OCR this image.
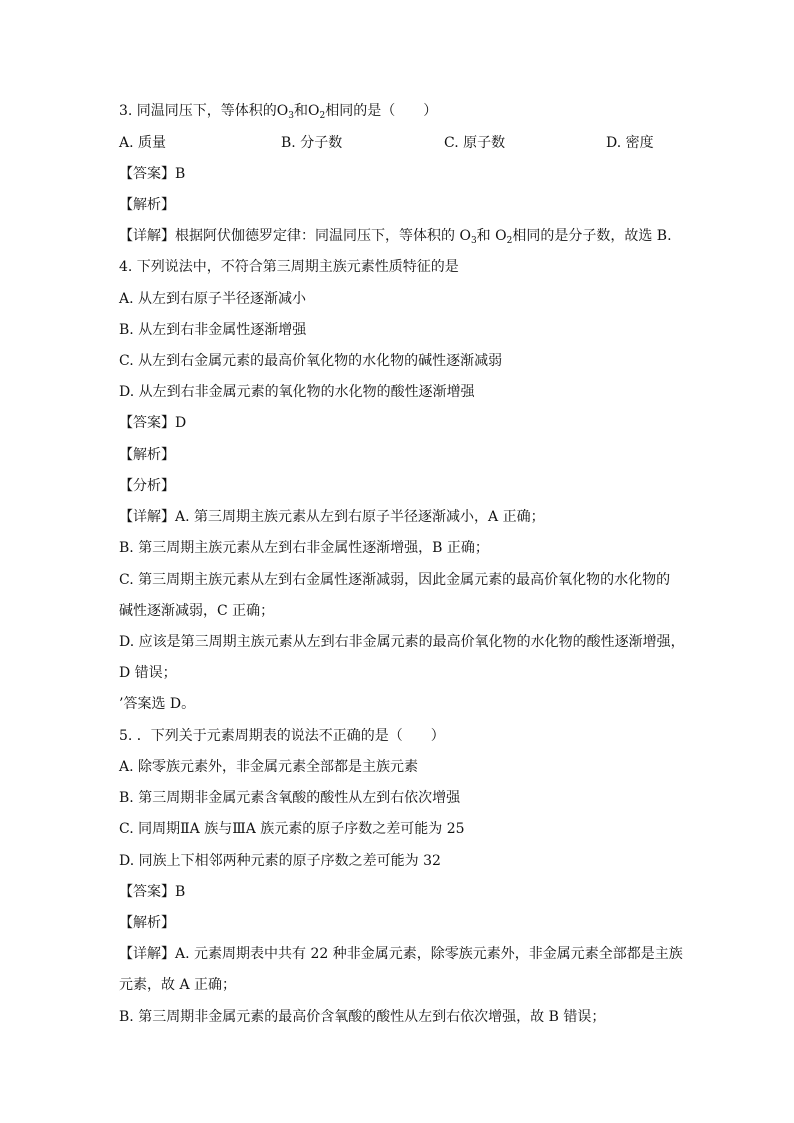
3. 同温同压下，等体积的$O_3$和$O_2$相同的是（　　）
A. 质量	B. 分子数	C. 原子数	D. 密度
【答案】B
【解析】
【详解】根据阿伏伽德罗定律：同温同压下，等体积的 $O_3$和 $O_2$相同的是分子数，故选 B.
4. 下列说法中，不符合第三周期主族元素性质特征的是
A. 从左到右原子半径逐渐减小
B. 从左到右非金属性逐渐增强
C. 从左到右金属元素的最高价氧化物的水化物的碱性逐渐减弱
D. 从左到右非金属元素的氧化物的水化物的酸性逐渐增强
【答案】D
【解析】
【分析】
【详解】A. 第三周期主族元素从左到右原子半径逐渐减小，A 正确；
B. 第三周期主族元素从左到右非金属性逐渐增强，B 正确；
C. 第三周期主族元素从左到右金属性逐渐减弱，因此金属元素的最高价氧化物的水化物的
碱性逐渐减弱，C 正确；
D. 应该是第三周期主族元素从左到右非金属元素的最高价氧化物的水化物的酸性逐渐增强，
D 错误；
’答案选 D。
5. ．下列关于元素周期表的说法不正确的是（　　）
A. 除零族元素外，非金属元素全部都是主族元素
B. 第三周期非金属元素含氧酸的酸性从左到右依次增强
C. 同周期ⅡA 族与ⅢA 族元素的原子序数之差可能为 25
D. 同族上下相邻两种元素的原子序数之差可能为 32
【答案】B
【解析】
【详解】A. 元素周期表中共有 22 种非金属元素，除零族元素外，非金属元素全部都是主族
元素，故 A 正确；
B. 第三周期非金属元素的最高价含氧酸的酸性从左到右依次增强，故 B 错误；
